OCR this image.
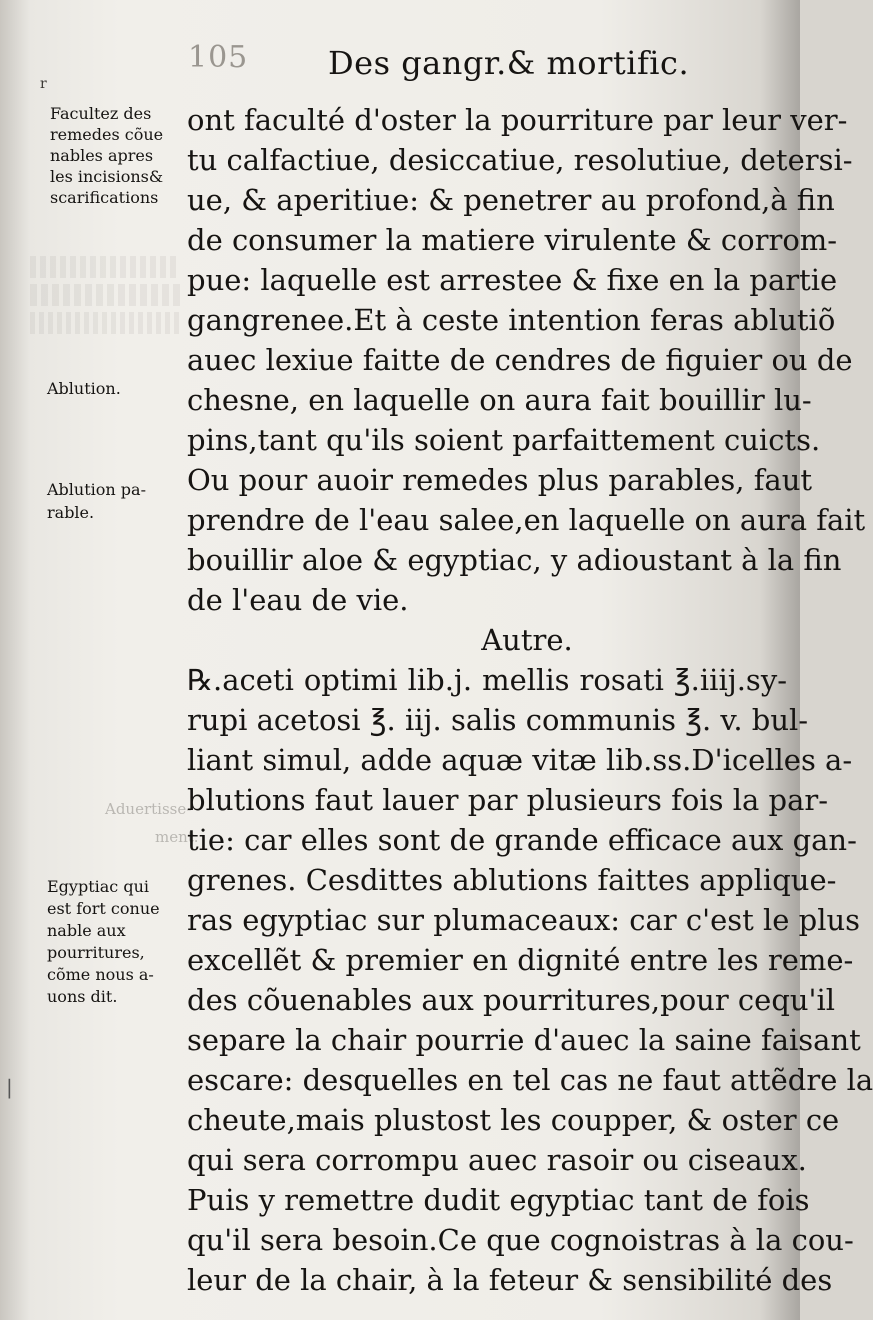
105 Des gangr.& mortific.
r
Facultez des
remedes cõue
nables apres
les incisions&
scarifications
Ablution.
Ablution pa-
rable.
Aduertisse-
ment.
Egyptiac qui
est fort conue
nable aux
pourritures,
cõme nous a-
uons dit.
|
ont faculté d'oster la pourriture par leur ver-
tu calfactiue, desiccatiue, resolutiue, detersi-
ue, & aperitiue: & penetrer au profond,à fin
de consumer la matiere virulente & corrom-
pue: laquelle est arrestee & fixe en la partie
gangrenee.Et à ceste intention feras ablutiõ
auec lexiue faitte de cendres de figuier ou de
chesne, en laquelle on aura fait bouillir lu-
pins,tant qu'ils soient parfaittement cuicts.
Ou pour auoir remedes plus parables, faut
prendre de l'eau salee,en laquelle on aura fait
bouillir aloe & egyptiac, y adioustant à la fin
de l'eau de vie.
Autre.
℞.aceti optimi lib.j. mellis rosati ℥.iiij.sy-
rupi acetosi ℥. iij. salis communis ℥. v. bul-
liant simul, adde aquæ vitæ lib.ss.D'icelles a-
blutions faut lauer par plusieurs fois la par-
tie: car elles sont de grande efficace aux gan-
grenes. Cesdittes ablutions faittes applique-
ras egyptiac sur plumaceaux: car c'est le plus
excellẽt & premier en dignité entre les reme-
des cõuenables aux pourritures,pour cequ'il
separe la chair pourrie d'auec la saine faisant
escare: desquelles en tel cas ne faut attẽdre la
cheute,mais plustost les coupper, & oster ce
qui sera corrompu auec rasoir ou ciseaux.
Puis y remettre dudit egyptiac tant de fois
qu'il sera besoin.Ce que cognoistras à la cou-
leur de la chair, à la feteur & sensibilité des
